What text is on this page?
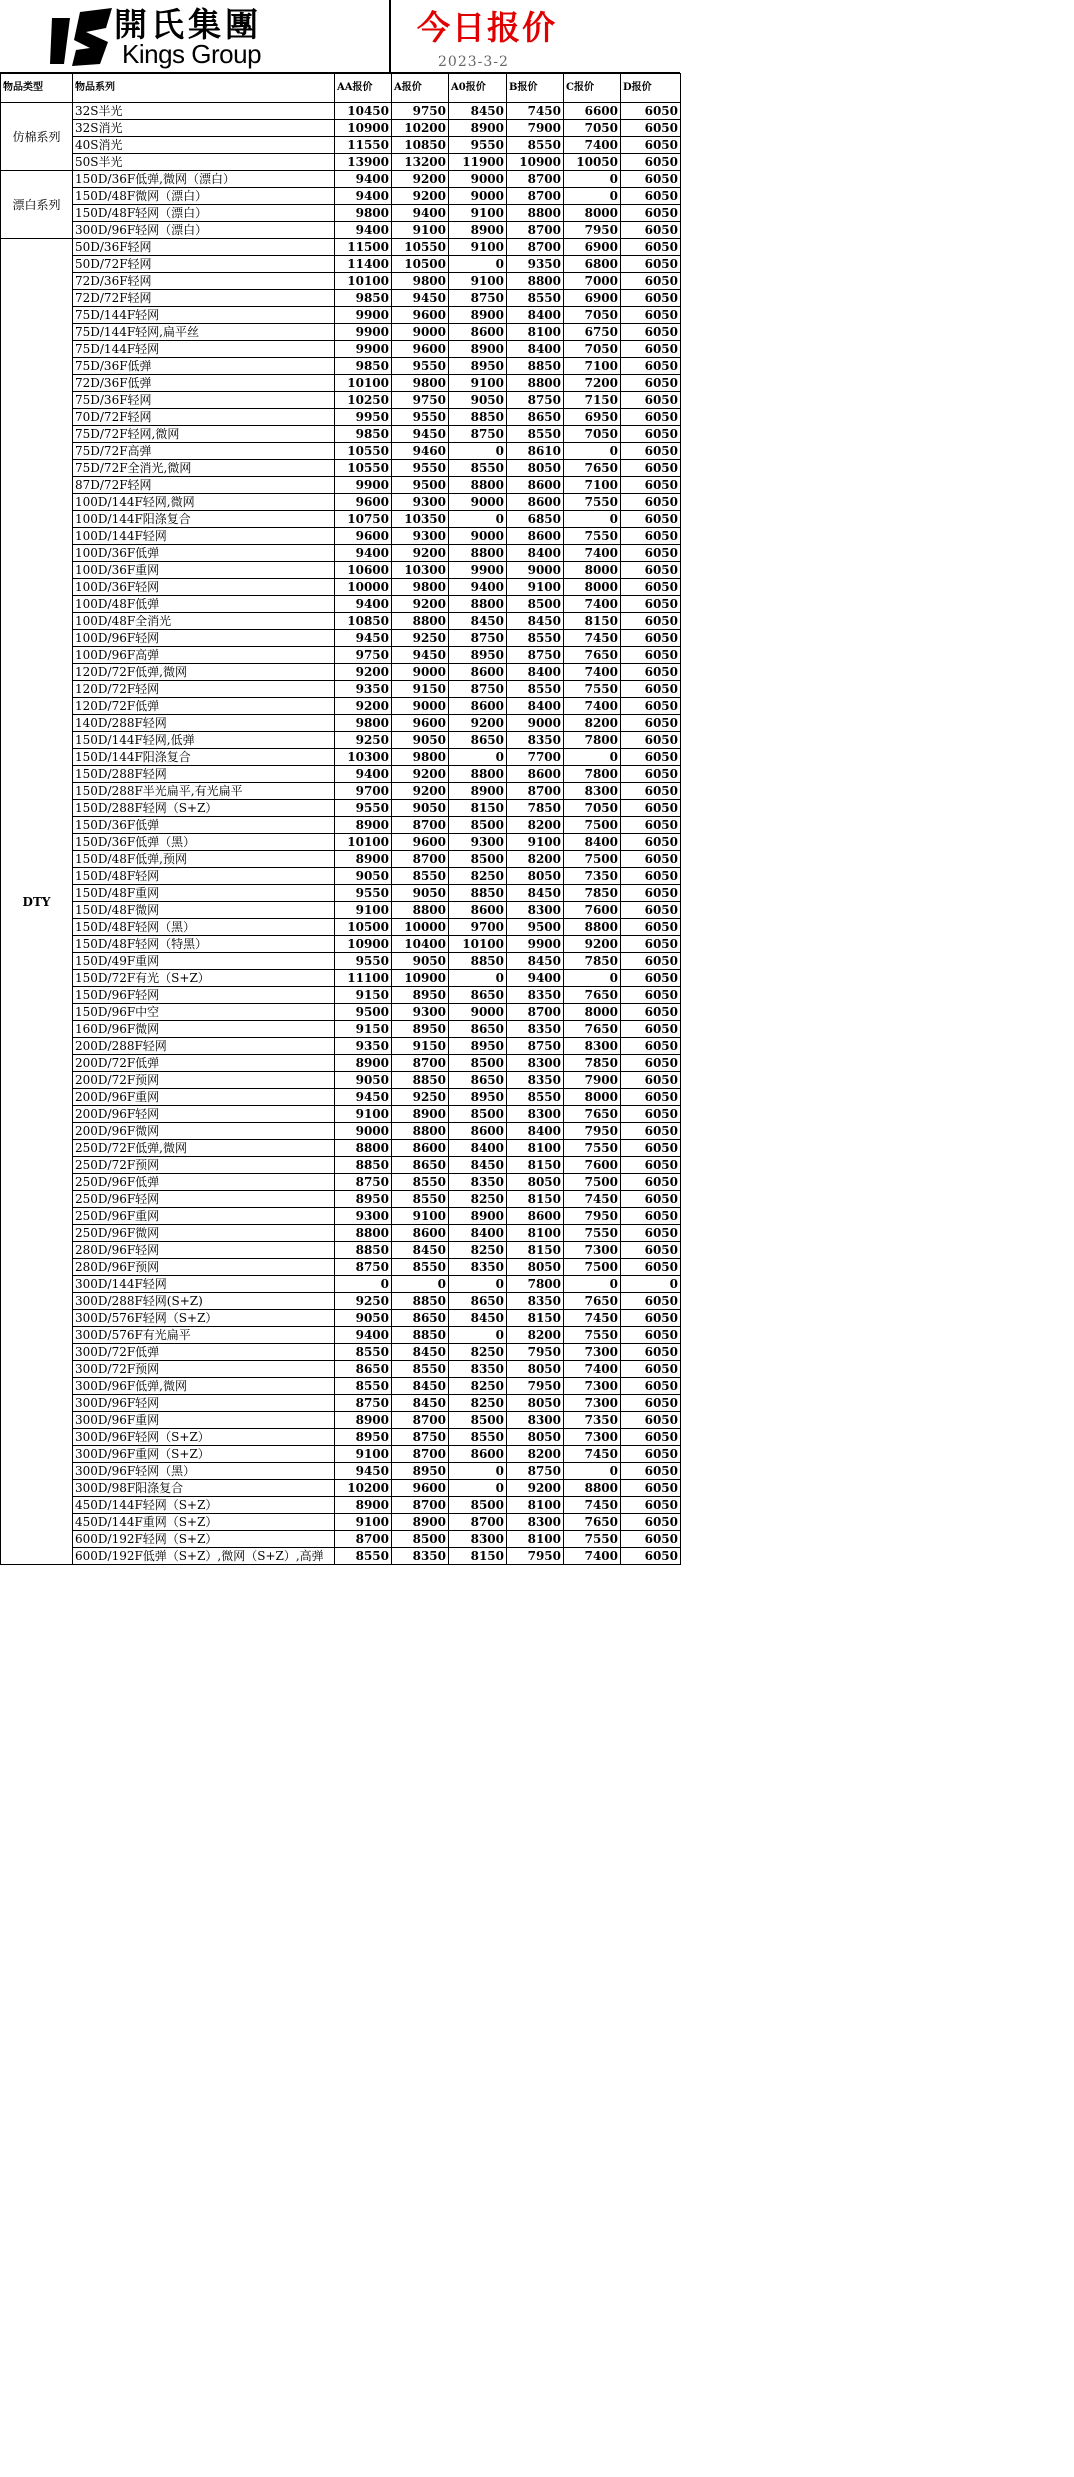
開氏集團
Kings Group
今日报价
2023-3-2
物品类型	物品系列	AA报价	A报价	A0报价	B报价	C报价	D报价
仿棉系列	32S半光	10450	9750	8450	7450	6600	6050
	32S消光	10900	10200	8900	7900	7050	6050
	40S消光	11550	10850	9550	8550	7400	6050
	50S半光	13900	13200	11900	10900	10050	6050
漂白系列	150D/36F低弹,微网（漂白）	9400	9200	9000	8700	0	6050
	150D/48F微网（漂白）	9400	9200	9000	8700	0	6050
	150D/48F轻网（漂白）	9800	9400	9100	8800	8000	6050
	300D/96F轻网（漂白）	9400	9100	8900	8700	7950	6050
DTY	50D/36F轻网	11500	10550	9100	8700	6900	6050
	50D/72F轻网	11400	10500	0	9350	6800	6050
	72D/36F轻网	10100	9800	9100	8800	7000	6050
	72D/72F轻网	9850	9450	8750	8550	6900	6050
	75D/144F轻网	9900	9600	8900	8400	7050	6050
	75D/144F轻网,扁平丝	9900	9000	8600	8100	6750	6050
	75D/144F轻网	9900	9600	8900	8400	7050	6050
	75D/36F低弹	9850	9550	8950	8850	7100	6050
	72D/36F低弹	10100	9800	9100	8800	7200	6050
	75D/36F轻网	10250	9750	9050	8750	7150	6050
	70D/72F轻网	9950	9550	8850	8650	6950	6050
	75D/72F轻网,微网	9850	9450	8750	8550	7050	6050
	75D/72F高弹	10550	9460	0	8610	0	6050
	75D/72F全消光,微网	10550	9550	8550	8050	7650	6050
	87D/72F轻网	9900	9500	8800	8600	7100	6050
	100D/144F轻网,微网	9600	9300	9000	8600	7550	6050
	100D/144F阳涤复合	10750	10350	0	6850	0	6050
	100D/144F轻网	9600	9300	9000	8600	7550	6050
	100D/36F低弹	9400	9200	8800	8400	7400	6050
	100D/36F重网	10600	10300	9900	9000	8000	6050
	100D/36F轻网	10000	9800	9400	9100	8000	6050
	100D/48F低弹	9400	9200	8800	8500	7400	6050
	100D/48F全消光	10850	8800	8450	8450	8150	6050
	100D/96F轻网	9450	9250	8750	8550	7450	6050
	100D/96F高弹	9750	9450	8950	8750	7650	6050
	120D/72F低弹,微网	9200	9000	8600	8400	7400	6050
	120D/72F轻网	9350	9150	8750	8550	7550	6050
	120D/72F低弹	9200	9000	8600	8400	7400	6050
	140D/288F轻网	9800	9600	9200	9000	8200	6050
	150D/144F轻网,低弹	9250	9050	8650	8350	7800	6050
	150D/144F阳涤复合	10300	9800	0	7700	0	6050
	150D/288F轻网	9400	9200	8800	8600	7800	6050
	150D/288F半光扁平,有光扁平	9700	9200	8900	8700	8300	6050
	150D/288F轻网（S+Z）	9550	9050	8150	7850	7050	6050
	150D/36F低弹	8900	8700	8500	8200	7500	6050
	150D/36F低弹（黑）	10100	9600	9300	9100	8400	6050
	150D/48F低弹,预网	8900	8700	8500	8200	7500	6050
	150D/48F轻网	9050	8550	8250	8050	7350	6050
	150D/48F重网	9550	9050	8850	8450	7850	6050
	150D/48F微网	9100	8800	8600	8300	7600	6050
	150D/48F轻网（黑）	10500	10000	9700	9500	8800	6050
	150D/48F轻网（特黑）	10900	10400	10100	9900	9200	6050
	150D/49F重网	9550	9050	8850	8450	7850	6050
	150D/72F有光（S+Z）	11100	10900	0	9400	0	6050
	150D/96F轻网	9150	8950	8650	8350	7650	6050
	150D/96F中空	9500	9300	9000	8700	8000	6050
	160D/96F微网	9150	8950	8650	8350	7650	6050
	200D/288F轻网	9350	9150	8950	8750	8300	6050
	200D/72F低弹	8900	8700	8500	8300	7850	6050
	200D/72F预网	9050	8850	8650	8350	7900	6050
	200D/96F重网	9450	9250	8950	8550	8000	6050
	200D/96F轻网	9100	8900	8500	8300	7650	6050
	200D/96F微网	9000	8800	8600	8400	7950	6050
	250D/72F低弹,微网	8800	8600	8400	8100	7550	6050
	250D/72F预网	8850	8650	8450	8150	7600	6050
	250D/96F低弹	8750	8550	8350	8050	7500	6050
	250D/96F轻网	8950	8550	8250	8150	7450	6050
	250D/96F重网	9300	9100	8900	8600	7950	6050
	250D/96F微网	8800	8600	8400	8100	7550	6050
	280D/96F轻网	8850	8450	8250	8150	7300	6050
	280D/96F预网	8750	8550	8350	8050	7500	6050
	300D/144F轻网	0	0	0	7800	0	0
	300D/288F轻网(S+Z)	9250	8850	8650	8350	7650	6050
	300D/576F轻网（S+Z）	9050	8650	8450	8150	7450	6050
	300D/576F有光扁平	9400	8850	0	8200	7550	6050
	300D/72F低弹	8550	8450	8250	7950	7300	6050
	300D/72F预网	8650	8550	8350	8050	7400	6050
	300D/96F低弹,微网	8550	8450	8250	7950	7300	6050
	300D/96F轻网	8750	8450	8250	8050	7300	6050
	300D/96F重网	8900	8700	8500	8300	7350	6050
	300D/96F轻网（S+Z）	8950	8750	8550	8050	7300	6050
	300D/96F重网（S+Z）	9100	8700	8600	8200	7450	6050
	300D/96F轻网（黑）	9450	8950	0	8750	0	6050
	300D/98F阳涤复合	10200	9600	0	9200	8800	6050
	450D/144F轻网（S+Z）	8900	8700	8500	8100	7450	6050
	450D/144F重网（S+Z）	9100	8900	8700	8300	7650	6050
	600D/192F轻网（S+Z）	8700	8500	8300	8100	7550	6050
	600D/192F低弹（S+Z）,微网（S+Z）,高弹	8550	8350	8150	7950	7400	6050
